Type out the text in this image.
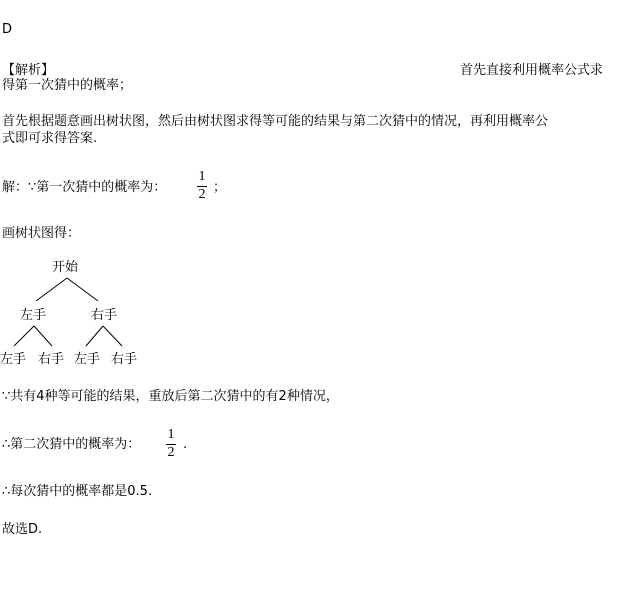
D
【解析】	首先直接利用概率公式求
得第一次猜中的概率；
首先根据题意画出树状图，然后由树状图求得等可能的结果与第二次猜中的情况，再利用概率公
式即可求得答案.
解：∵第一次猜中的概率为：
1
2 ；
画树状图得：
开始
左手	右手
左手 右手 左手 右手
∵共有4种等可能的结果，重放后第二次猜中的有2种情况，
∴第二次猜中的概率为：
1
2
.
∴每次猜中的概率都是0.5.
故选D.
